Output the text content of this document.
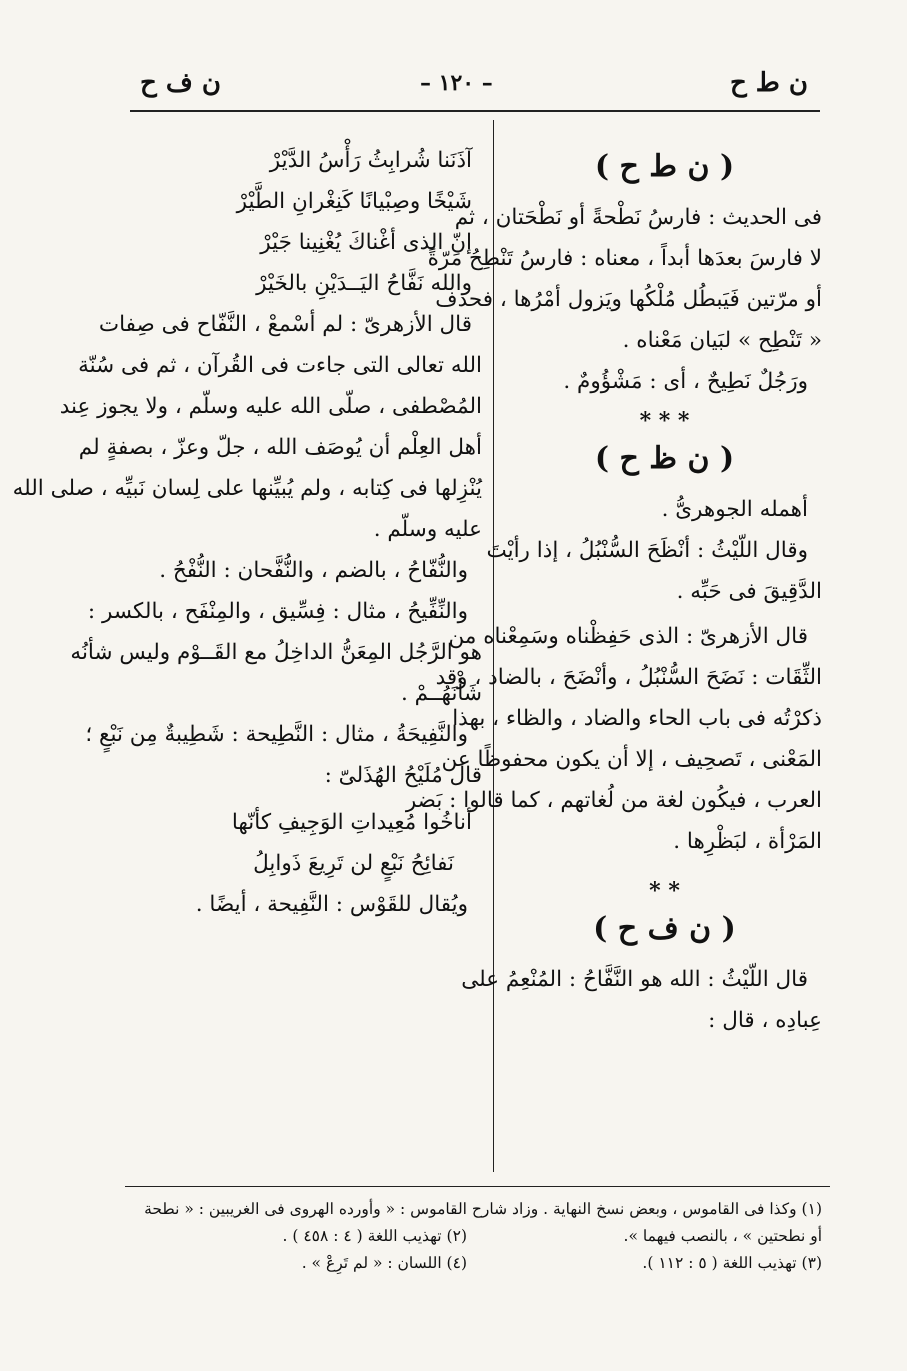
ن ط ح
– ١٢٠ –
ن ف ح
( ن ط ح )
فى الحديث : فارسُ نَطْحةً أو نَطْحَتان ، ثم
لا فارسَ بعدَها أبداً ، معناه : فارسُ تَنْطِحُ مَرّةً
أو مرّتين فَيَبطُل مُلْكُها ويَزول أمْرُها ، فحذف
« تَنْطِح » لبَيان مَعْناه .
ورَجُلٌ نَطِيحٌ ، أى : مَشْؤُومٌ .
* * *
( ن ظ ح )
أهمله الجوهرىُّ .
وقال اللّيْثُ : أنْظَحَ السُّنْبُلُ ، إذا رأيْتَ
الدَّقِيقَ فى حَبِّه .
قال الأزهرىّ : الذى حَفِظْناه وسَمِعْناه من
الثِّقَات : نَضَحَ السُّنْبُلُ ، وأنْضَحَ ، بالضاد ، وقد
ذكرْتُه فى باب الحاء والضاد ، والظاء ، بهذا
المَعْنى ، تَصحِيف ، إلا أن يكون محفوظًا عن
العرب ، فيكُون لغة من لُغاتهم ، كما قالوا : بَضر
المَرْأة ، لبَظْرِها .
* *
( ن ف ح )
قال اللّيْثُ : الله هو النَّفَّاحُ : المُنْعِمُ على
عِبادِه ، قال :
آذَنَنا شُرابِثُ رَأْسُ الدَّيْرْ
شَيْخًا وصِبْيانًا كَنِغْرانِ الطَّيْرْ
إنّ الذى أغْناكَ يُغْنِينا جَيْرْ
والله نَفَّاحُ اليَــدَيْنِ بالخَيْرْ
قال الأزهرىّ : لم أسْمعْ ، النَّفّاح فى صِفات
الله تعالى التى جاءت فى القُرآن ، ثم فى سُنّة
المُصْطفى ، صلّى الله عليه وسلّم ، ولا يجوز عِند
أهل العِلْم أن يُوصَف الله ، جلّ وعزّ ، بصفةٍ لم
يُنْزِلها فى كِتابه ، ولم يُبيِّنها على لِسان نَبيِّه ، صلى الله
عليه وسلّم .
والنُّفّاحُ ، بالضم ، والنُّفَّحان : النُّفْحُ .
والنِّفِّيحُ ، مثال : فِسِّيق ، والمِنْفَح ، بالكسر :
هو الرَّجُل المِعَنُّ الداخِلُ مع القَــوْم وليس شأنُه
شَأْنَهُــمْ .
والنَّفِيحَةُ ، مثال : النَّطِيحة : شَطِيبةٌ مِن نَبْعٍ ؛
قال مُلَيْحُ الهُذَلىّ :
أناخُوا مُعِيداتِ الوَجِيفِ كأنّها
نَفائِحُ نَبْعٍ لن تَرِيعَ ذَوابِلُ
ويُقال للقَوْس : النَّفِيحة ، أيضًا .
(١) وكذا فى القاموس ، وبعض نسخ النهاية . وزاد شارح القاموس : « وأورده الهروى فى الغريبين : « نطحة
أو نطحتين » ، بالنصب فيهما ».
(٢) تهذيب اللغة ( ٤ : ٤٥٨ ) .
(٣) تهذيب اللغة ( ٥ : ١١٢ ).
(٤) اللسان : « لم تَرِعْ » .
